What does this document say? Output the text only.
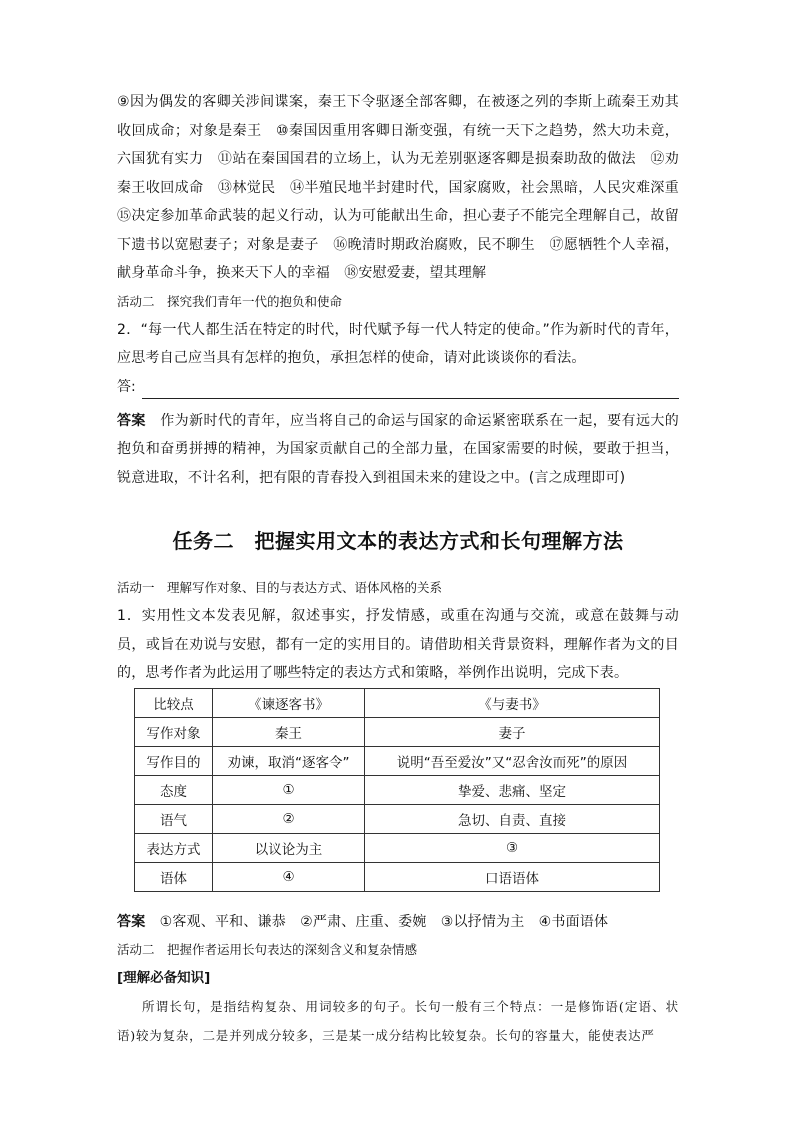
⑨因为偶发的客卿关涉间谍案，秦王下令驱逐全部客卿，在被逐之列的李斯上疏秦王劝其收回成命；对象是秦王　⑩秦国因重用客卿日渐变强，有统一天下之趋势，然大功未竟，六国犹有实力　⑪站在秦国国君的立场上，认为无差别驱逐客卿是损秦助敌的做法　⑫劝秦王收回成命　⑬林觉民　⑭半殖民地半封建时代，国家腐败，社会黑暗，人民灾难深重　⑮决定参加革命武装的起义行动，认为可能献出生命，担心妻子不能完全理解自己，故留下遗书以宽慰妻子；对象是妻子　⑯晚清时期政治腐败，民不聊生　⑰愿牺牲个人幸福，献身革命斗争，换来天下人的幸福　⑱安慰爱妻，望其理解

活动二　探究我们青年一代的抱负和使命

2．“每一代人都生活在特定的时代，时代赋予每一代人特定的使命。”作为新时代的青年，应思考自己应当具有怎样的抱负，承担怎样的使命，请对此谈谈你的看法。

答:

答案　作为新时代的青年，应当将自己的命运与国家的命运紧密联系在一起，要有远大的抱负和奋勇拼搏的精神，为国家贡献自己的全部力量，在国家需要的时候，要敢于担当，锐意进取，不计名利，把有限的青春投入到祖国未来的建设之中。(言之成理即可)

任务二　把握实用文本的表达方式和长句理解方法

活动一　理解写作对象、目的与表达方式、语体风格的关系

1．实用性文本发表见解，叙述事实，抒发情感，或重在沟通与交流，或意在鼓舞与动员，或旨在劝说与安慰，都有一定的实用目的。请借助相关背景资料，理解作者为文的目的，思考作者为此运用了哪些特定的表达方式和策略，举例作出说明，完成下表。

比较点	《谏逐客书》	《与妻书》
写作对象	秦王	妻子
写作目的	劝谏，取消“逐客令”	说明“吾至爱汝”又“忍舍汝而死”的原因
态度	①	挚爱、悲痛、坚定
语气	②	急切、自责、直接
表达方式	以议论为主	③
语体	④	口语语体

答案　①客观、平和、谦恭　②严肃、庄重、委婉　③以抒情为主　④书面语体

活动二　把握作者运用长句表达的深刻含义和复杂情感

[理解必备知识]

所谓长句，是指结构复杂、用词较多的句子。长句一般有三个特点：一是修饰语(定语、状语)较为复杂，二是并列成分较多，三是某一成分结构比较复杂。长句的容量大，能使表达严
